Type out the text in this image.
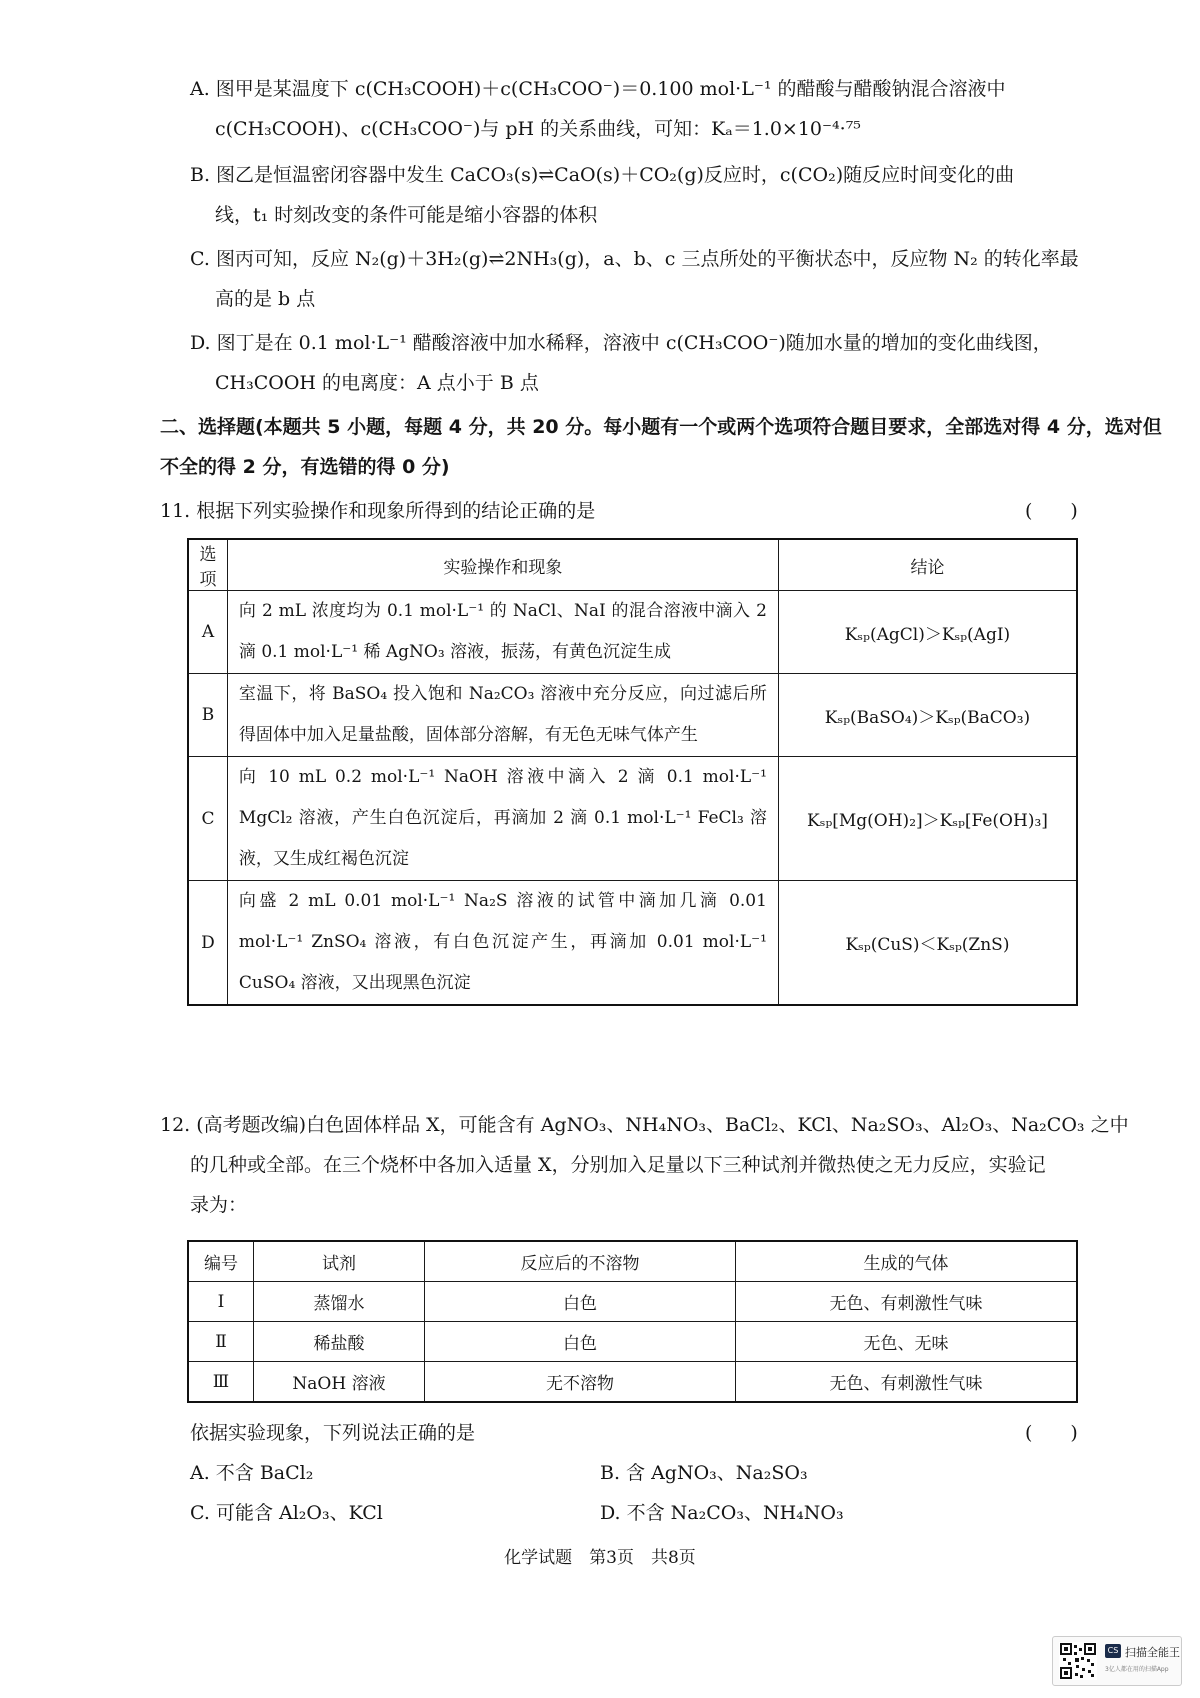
A. 图甲是某温度下 c(CH₃COOH)＋c(CH₃COO⁻)＝0.100 mol·L⁻¹ 的醋酸与醋酸钠混合溶液中
c(CH₃COOH)、c(CH₃COO⁻)与 pH 的关系曲线，可知：Kₐ＝1.0×10⁻⁴·⁷⁵
B. 图乙是恒温密闭容器中发生 CaCO₃(s)⇌CaO(s)＋CO₂(g)反应时，c(CO₂)随反应时间变化的曲
线，t₁ 时刻改变的条件可能是缩小容器的体积
C. 图丙可知，反应 N₂(g)＋3H₂(g)⇌2NH₃(g)，a、b、c 三点所处的平衡状态中，反应物 N₂ 的转化率最
高的是 b 点
D. 图丁是在 0.1 mol·L⁻¹ 醋酸溶液中加水稀释，溶液中 c(CH₃COO⁻)随加水量的增加的变化曲线图，
CH₃COOH 的电离度：A 点小于 B 点
二、选择题(本题共 5 小题，每题 4 分，共 20 分。每小题有一个或两个选项符合题目要求，全部选对得 4 分，选对但
不全的得 2 分，有选错的得 0 分)
11. 根据下列实验操作和现象所得到的结论正确的是	(　　)
选项	实验操作和现象	结论
A	向 2 mL 浓度均为 0.1 mol·L⁻¹ 的 NaCl、NaI 的混合溶液中滴入 2 滴 0.1 mol·L⁻¹ 稀 AgNO₃ 溶液，振荡，有黄色沉淀生成	Kₛₚ(AgCl)＞Kₛₚ(AgI)
B	室温下，将 BaSO₄ 投入饱和 Na₂CO₃ 溶液中充分反应，向过滤后所得固体中加入足量盐酸，固体部分溶解，有无色无味气体产生	Kₛₚ(BaSO₄)＞Kₛₚ(BaCO₃)
C	向 10 mL 0.2 mol·L⁻¹ NaOH 溶液中滴入 2 滴 0.1 mol·L⁻¹ MgCl₂ 溶液，产生白色沉淀后，再滴加 2 滴 0.1 mol·L⁻¹ FeCl₃ 溶液，又生成红褐色沉淀	Kₛₚ[Mg(OH)₂]＞Kₛₚ[Fe(OH)₃]
D	向盛 2 mL 0.01 mol·L⁻¹ Na₂S 溶液的试管中滴加几滴 0.01 mol·L⁻¹ ZnSO₄ 溶液，有白色沉淀产生，再滴加 0.01 mol·L⁻¹ CuSO₄ 溶液，又出现黑色沉淀	Kₛₚ(CuS)＜Kₛₚ(ZnS)
12. (高考题改编)白色固体样品 X，可能含有 AgNO₃、NH₄NO₃、BaCl₂、KCl、Na₂SO₃、Al₂O₃、Na₂CO₃ 之中
的几种或全部。在三个烧杯中各加入适量 X，分别加入足量以下三种试剂并微热使之无力反应，实验记
录为：
编号	试剂	反应后的不溶物	生成的气体
Ⅰ	蒸馏水	白色	无色、有刺激性气味
Ⅱ	稀盐酸	白色	无色、无味
Ⅲ	NaOH 溶液	无不溶物	无色、有刺激性气味
依据实验现象，下列说法正确的是	(　　)
A. 不含 BaCl₂	B. 含 AgNO₃、Na₂SO₃
C. 可能含 Al₂O₃、KCl	D. 不含 Na₂CO₃、NH₄NO₃
化学试题　第3页　共8页
CS 扫描全能王
3亿人都在用的扫描App
